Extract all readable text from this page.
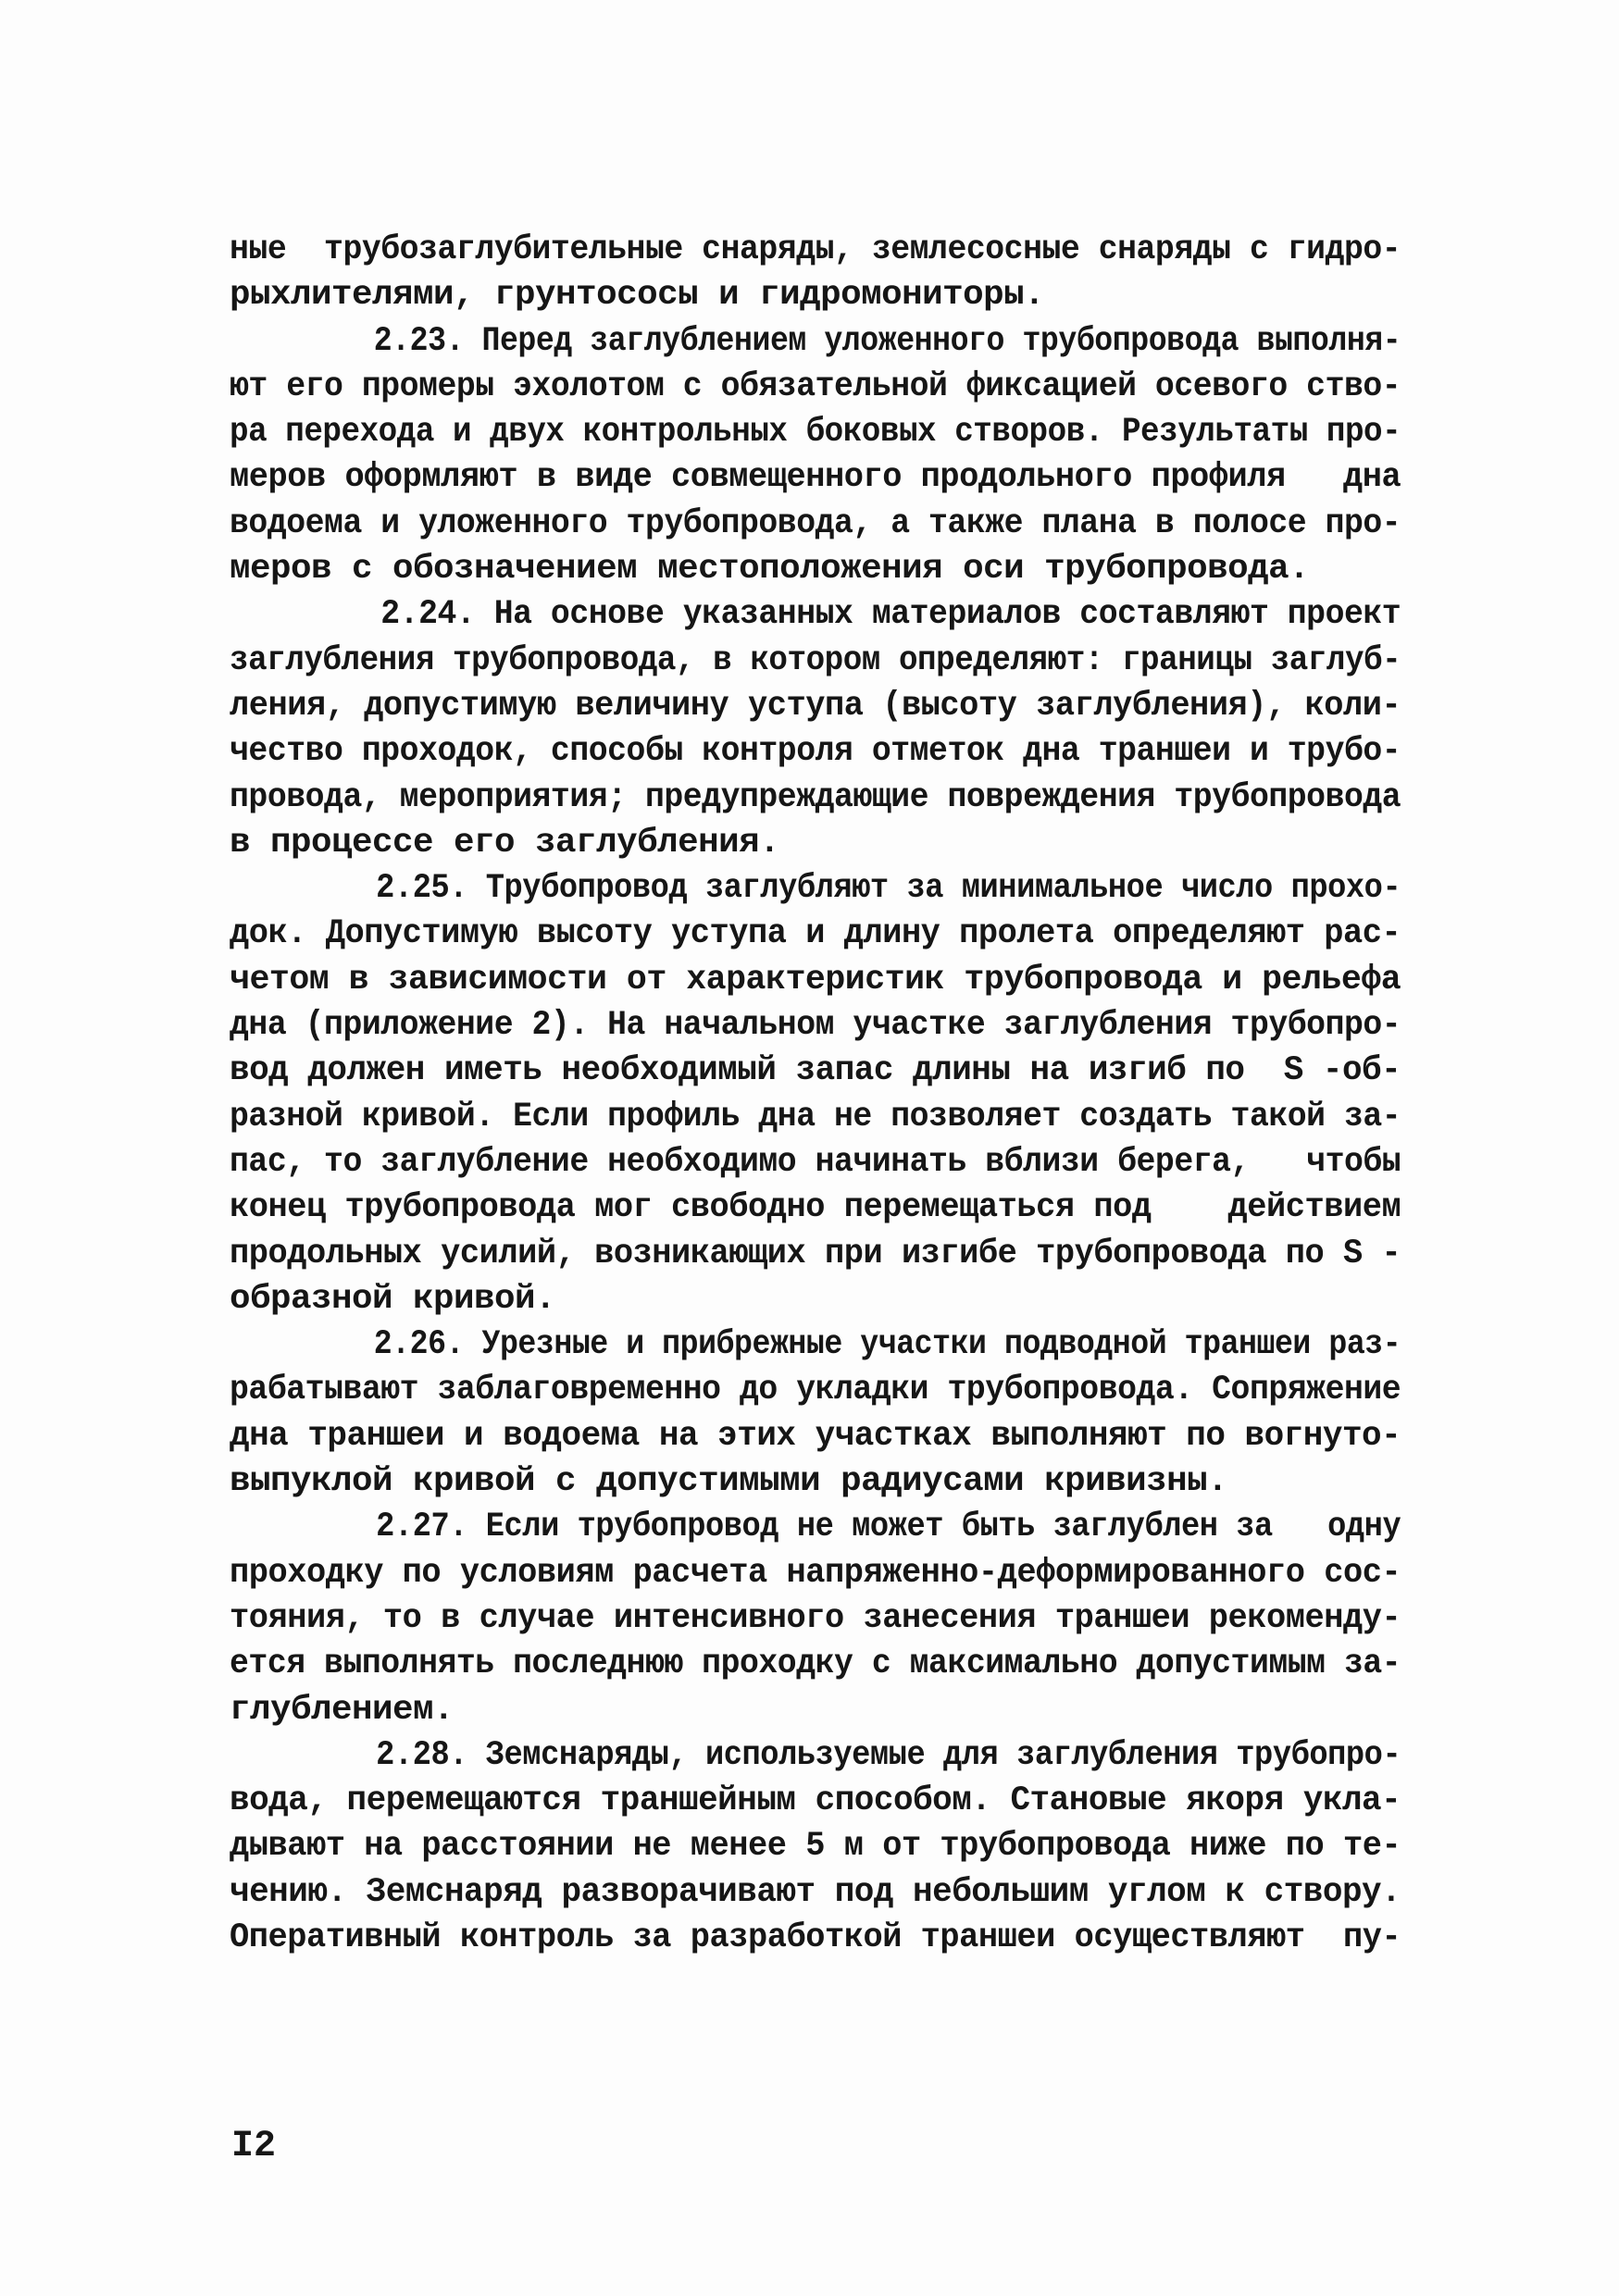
ные  трубозаглубительные снаряды, землесосные снаряды с гидро-
рыхлителями, грунтососы и гидромониторы.
2.23. Перед заглублением уложенного трубопровода выполня-
ют его промеры эхолотом с обязательной фиксацией осевого ство-
ра перехода и двух контрольных боковых створов. Результаты про-
меров оформляют в виде совмещенного продольного профиля   дна
водоема и уложенного трубопровода, а также плана в полосе про-
меров с обозначением местоположения оси трубопровода.
2.24. На основе указанных материалов составляют проект
заглубления трубопровода, в котором определяют: границы заглуб-
ления, допустимую величину уступа (высоту заглубления), коли-
чество проходок, способы контроля отметок дна траншеи и трубо-
провода, мероприятия; предупреждающие повреждения трубопровода
в процессе его заглубления.
2.25. Трубопровод заглубляют за минимальное число прохо-
док. Допустимую высоту уступа и длину пролета определяют рас-
четом в зависимости от характеристик трубопровода и рельефа
дна (приложение 2). На начальном участке заглубления трубопро-
вод должен иметь необходимый запас длины на изгиб по  S -об-
разной кривой. Если профиль дна не позволяет создать такой за-
пас, то заглубление необходимо начинать вблизи берега,   чтобы
конец трубопровода мог свободно перемещаться под    действием
продольных усилий, возникающих при изгибе трубопровода по S -
образной кривой.
2.26. Урезные и прибрежные участки подводной траншеи раз-
рабатывают заблаговременно до укладки трубопровода. Сопряжение
дна траншеи и водоема на этих участках выполняют по вогнуто-
выпуклой кривой с допустимыми радиусами кривизны.
2.27. Если трубопровод не может быть заглублен за   одну
проходку по условиям расчета напряженно-деформированного сос-
тояния, то в случае интенсивного занесения траншеи рекоменду-
ется выполнять последнюю проходку с максимально допустимым за-
глублением.
2.28. Земснаряды, используемые для заглубления трубопро-
вода, перемещаются траншейным способом. Становые якоря укла-
дывают на расстоянии не менее 5 м от трубопровода ниже по те-
чению. Земснаряд разворачивают под небольшим углом к створу.
Оперативный контроль за разработкой траншеи осуществляют  пу-
I2
